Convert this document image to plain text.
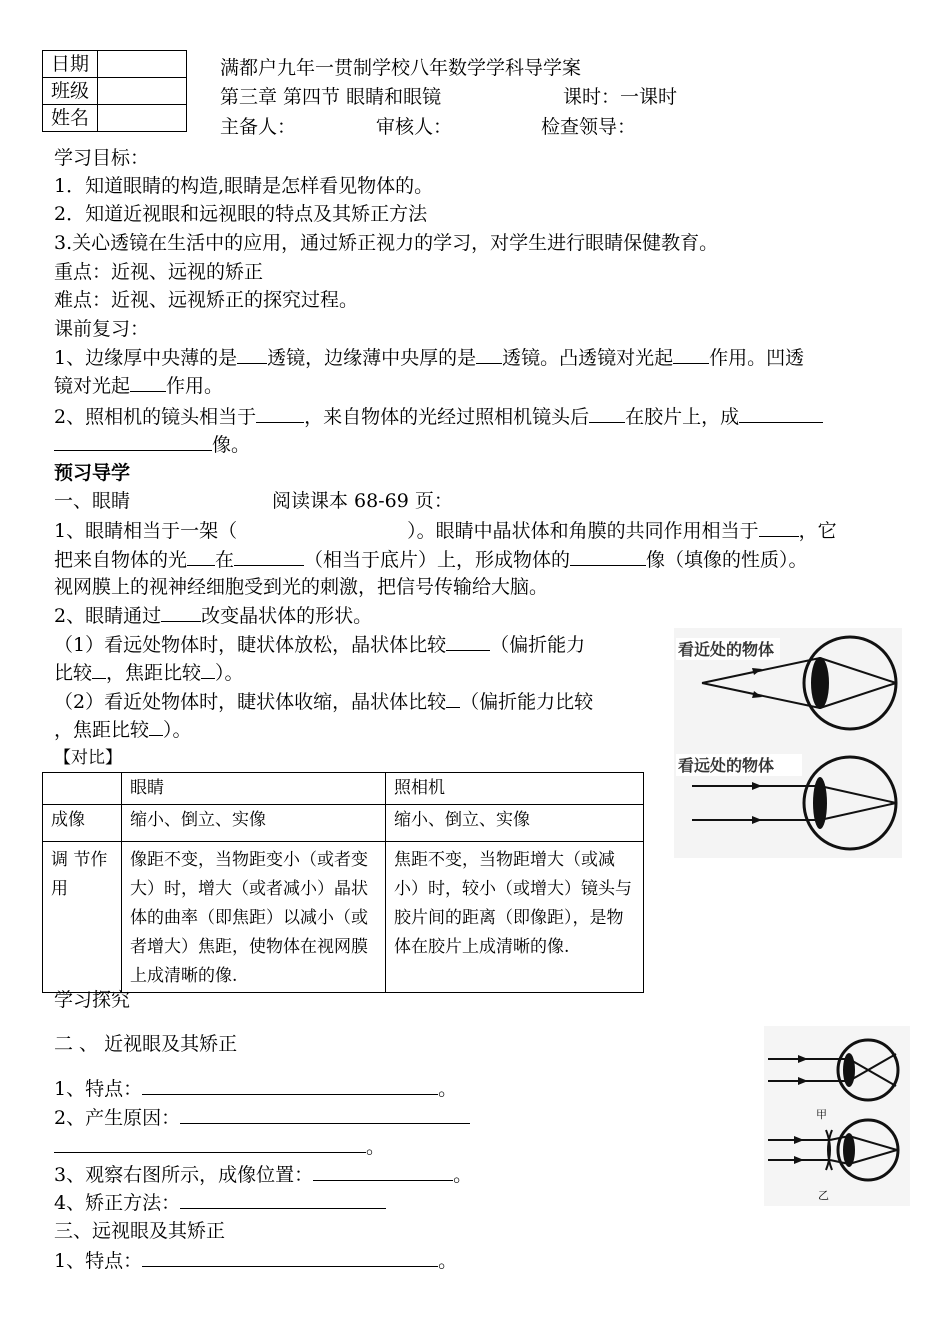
日期	
班级	
姓名	
满都户九年一贯制学校八年数学学科导学案
第三章 第四节 眼睛和眼镜	课时：一课时
主备人：	审核人：	检查领导：
学习目标：
1．知道眼睛的构造,眼睛是怎样看见物体的。
2．知道近视眼和远视眼的特点及其矫正方法
3.关心透镜在生活中的应用，通过矫正视力的学习，对学生进行眼睛保健教育。
重点：近视、远视的矫正
难点：近视、远视矫正的探究过程。
课前复习：
1、边缘厚中央薄的是 透镜，边缘薄中央厚的是 透镜。凸透镜对光起 作用。凹透
镜对光起 作用。
2、照相机的镜头相当于	，来自物体的光经过照相机镜头后 在胶片上，成
像。
预习导学
一、眼睛	阅读课本 68-69 页：
1、眼睛相当于一架（	）。眼睛中晶状体和角膜的共同作用相当于 ，它
把来自物体的光 在	（相当于底片）上，形成物体的	像（填像的性质）。
视网膜上的视神经细胞受到光的刺激，把信号传输给大脑。
2、眼睛通过 改变晶状体的形状。
（1）看远处物体时，睫状体放松，晶状体比较 （偏折能力
比较 ，焦距比较 ）。
（2）看近处物体时，睫状体收缩，晶状体比较 （偏折能力比较
，焦距比较 ）。
【对比】
看近处的物体
看远处的物体
	眼睛	照相机
成像	缩小、倒立、实像	缩小、倒立、实像
调 节作用	像距不变，当物距变小（或者变大）时，增大（或者减小）晶状体的曲率（即焦距）以减小（或者增大）焦距，使物体在视网膜上成清晰的像.	焦距不变，当物距增大（或减小）时，较小（或增大）镜头与胶片间的距离（即像距），是物体在胶片上成清晰的像.
学习探究
二 、 近视眼及其矫正
1、特点：	。
2、产生原因：
。
3、观察右图所示，成像位置：	。
4、矫正方法：
三、远视眼及其矫正
1、特点：	。
甲
乙
